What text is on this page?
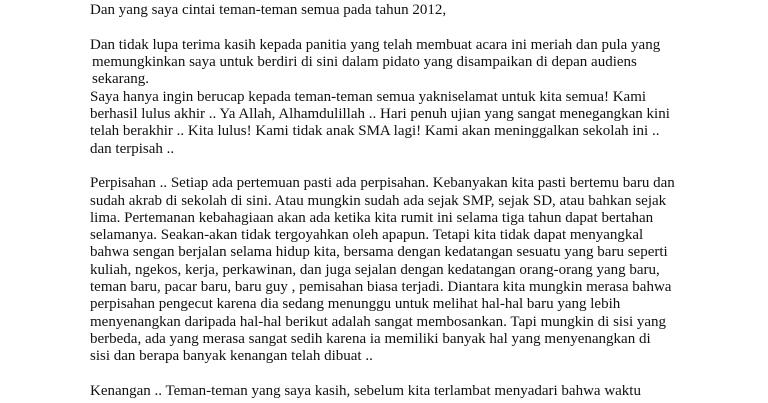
Dan yang saya cintai teman-teman semua pada tahun 2012,
Dan tidak lupa terima kasih kepada panitia yang telah membuat acara ini meriah dan pula yang
memungkinkan saya untuk berdiri di sini dalam pidato yang disampaikan di depan audiens
sekarang.
Saya hanya ingin berucap kepada teman-teman semua yakniselamat untuk kita semua! Kami
berhasil lulus akhir .. Ya Allah, Alhamdulillah .. Hari penuh ujian yang sangat menegangkan kini
telah berakhir .. Kita lulus! Kami tidak anak SMA lagi! Kami akan meninggalkan sekolah ini ..
dan terpisah ..
Perpisahan .. Setiap ada pertemuan pasti ada perpisahan. Kebanyakan kita pasti bertemu baru dan
sudah akrab di sekolah di sini. Atau mungkin sudah ada sejak SMP, sejak SD, atau bahkan sejak
lima. Pertemanan kebahagiaan akan ada ketika kita rumit ini selama tiga tahun dapat bertahan
selamanya. Seakan-akan tidak tergoyahkan oleh apapun. Tetapi kita tidak dapat menyangkal
bahwa sengan berjalan selama hidup kita, bersama dengan kedatangan sesuatu yang baru seperti
kuliah, ngekos, kerja, perkawinan, dan juga sejalan dengan kedatangan orang-orang yang baru,
teman baru, pacar baru, baru guy , pemisahan biasa terjadi. Diantara kita mungkin merasa bahwa
perpisahan pengecut karena dia sedang menunggu untuk melihat hal-hal baru yang lebih
menyenangkan daripada hal-hal berikut adalah sangat membosankan. Tapi mungkin di sisi yang
berbeda, ada yang merasa sangat sedih karena ia memiliki banyak hal yang menyenangkan di
sisi dan berapa banyak kenangan telah dibuat ..
Kenangan .. Teman-teman yang saya kasih, sebelum kita terlambat menyadari bahwa waktu
